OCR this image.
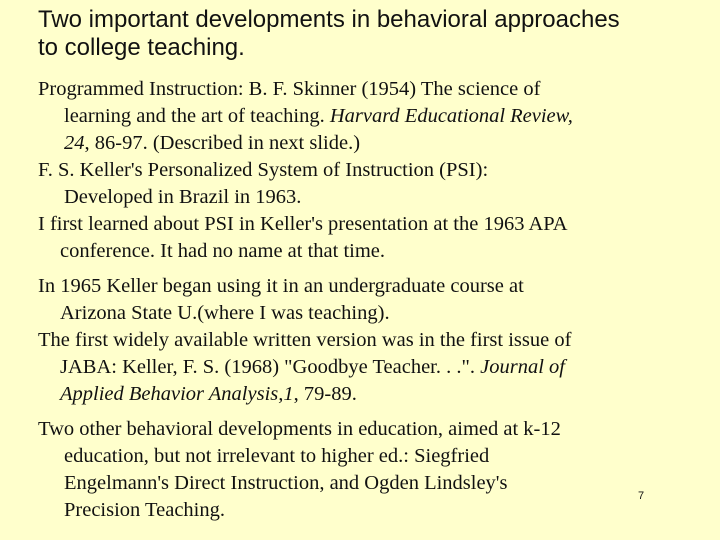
Two important developments in behavioral approaches
to college teaching.
Programmed Instruction: B. F. Skinner (1954) The science of
learning and the art of teaching. Harvard Educational Review,
24, 86-97. (Described in next slide.)
F. S. Keller's Personalized System of Instruction (PSI):
Developed in Brazil in 1963.
I first learned about PSI in Keller's presentation at the 1963 APA
conference. It had no name at that time.
In 1965 Keller began using it in an undergraduate course at
Arizona State U.(where I was teaching).
The first widely available written version was in the first issue of
JABA: Keller, F. S. (1968) "Goodbye Teacher. . .". Journal of
Applied Behavior Analysis,1, 79-89.
Two other behavioral developments in education, aimed at k-12
education, but not irrelevant to higher ed.: Siegfried
Engelmann's Direct Instruction, and Ogden Lindsley's
Precision Teaching.
7
